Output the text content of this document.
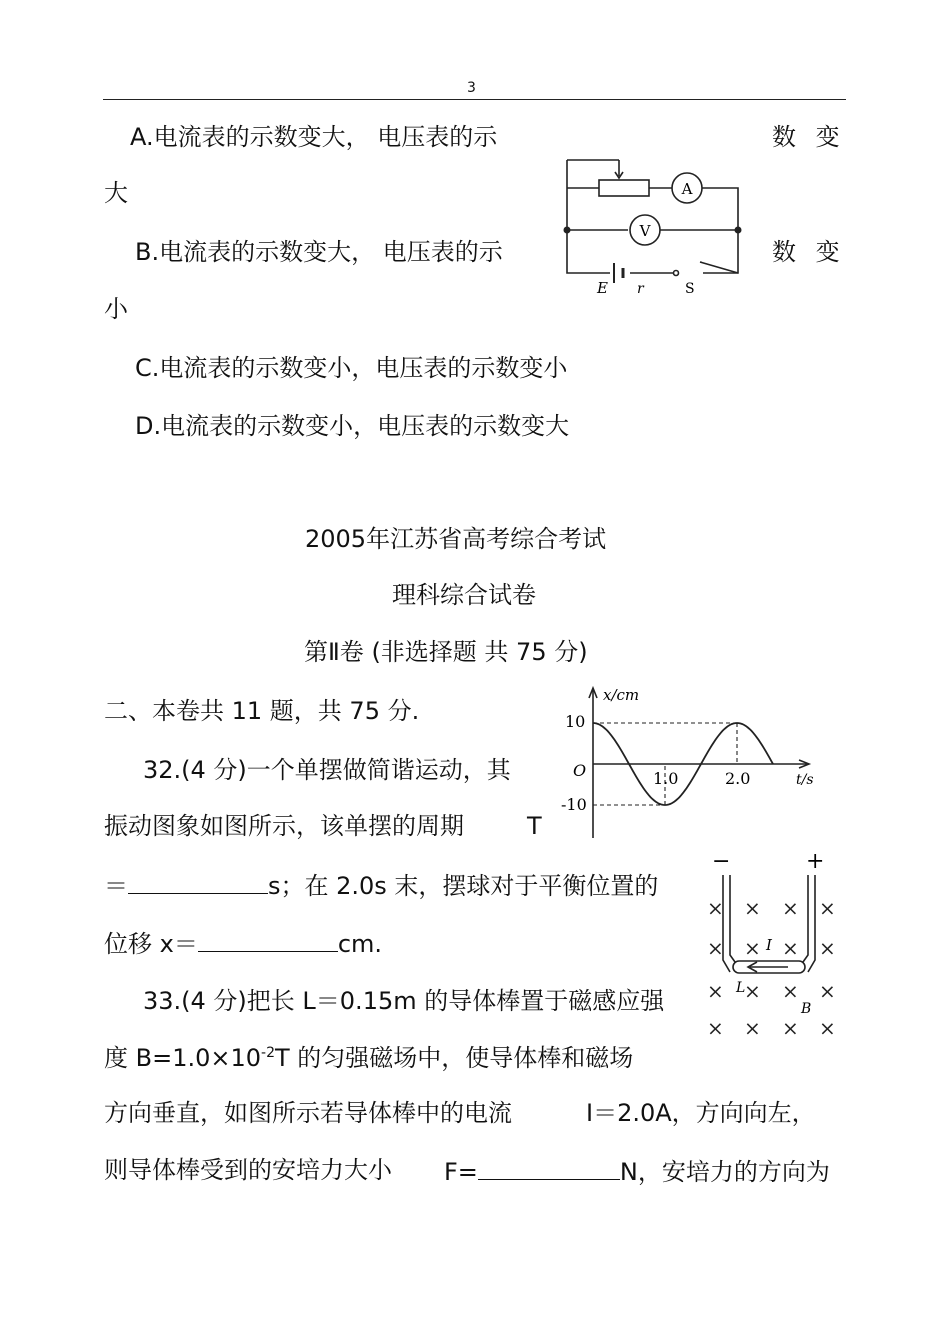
3
A.电流表的示数变大， 电压表的示	数 变
大
B.电流表的示数变大， 电压表的示	数 变
小
C.电流表的示数变小，电压表的示数变小
D.电流表的示数变小，电压表的示数变大
A
V
E r	S
2005年江苏省高考综合考试
理科综合试卷
第Ⅱ卷 (非选择题 共 75 分)
二、本卷共 11 题，共 75 分.
32.(4 分)一个单摆做简谐运动，其
振动图象如图所示，该单摆的周期	T
＝	s；在 2.0s 末，摆球对于平衡位置的
位移 x＝	cm.
x/cm
t/s
O
10
-10
1.0	2.0
−	+
× × × ×
× × × ×
× × × ×
× × × ×
I
L
B
33.(4 分)把长 L＝0.15m 的导体棒置于磁感应强
度 $B=1.0\times 10^{-2}T$ 的匀强磁场中，使导体棒和磁场
方向垂直，如图所示若导体棒中的电流	I＝2.0A，方向向左，
则导体棒受到的安培力大小 F=	N，安培力的方向为
